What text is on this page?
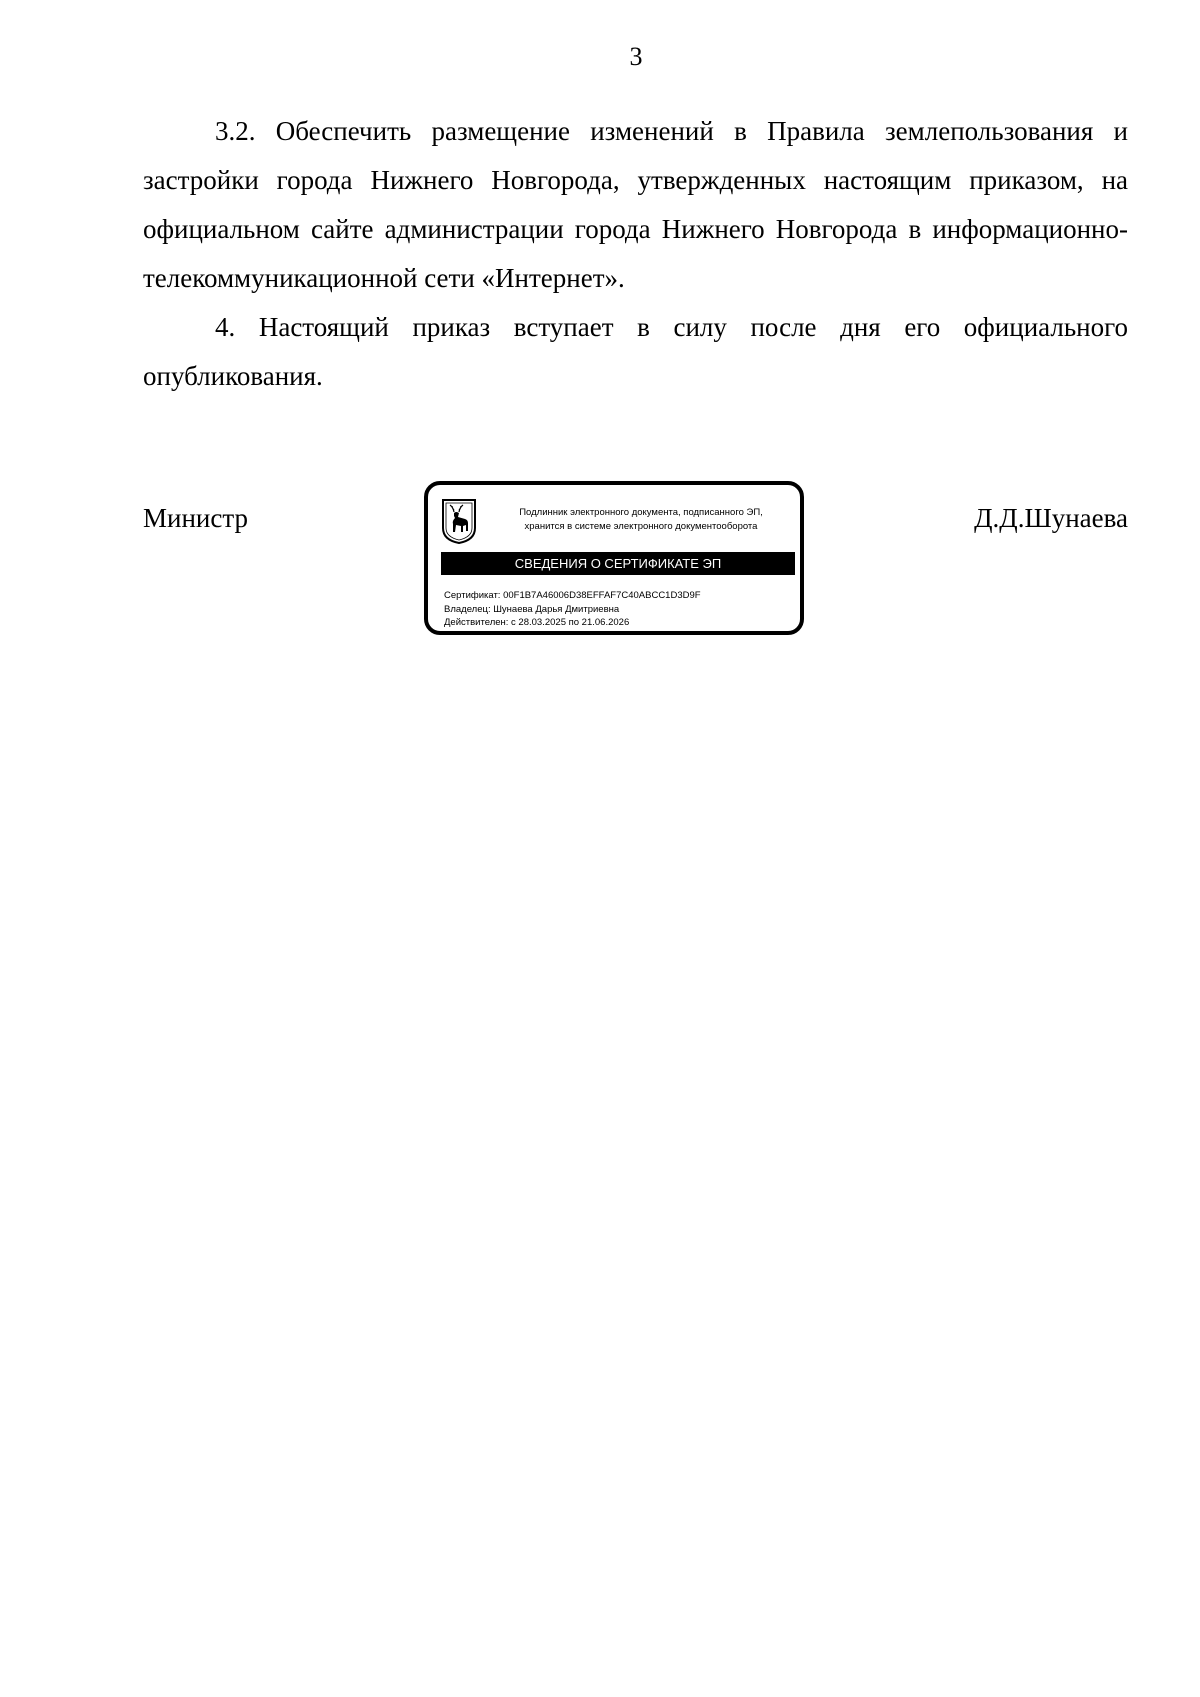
3

3.2. Обеспечить размещение изменений в Правила землепользования и застройки города Нижнего Новгорода, утвержденных настоящим приказом, на официальном сайте администрации города Нижнего Новгорода в информационно-телекоммуникационной сети «Интернет».

4. Настоящий приказ вступает в силу после дня его официального опубликования.

Министр	Д.Д.Шунаева
Подлинник электронного документа, подписанного ЭП,
хранится в системе электронного документооборота
СВЕДЕНИЯ О СЕРТИФИКАТЕ ЭП
Сертификат: 00F1B7A46006D38EFFAF7C40ABCC1D3D9F
Владелец: Шунаева Дарья Дмитриевна
Действителен: с 28.03.2025 по 21.06.2026
